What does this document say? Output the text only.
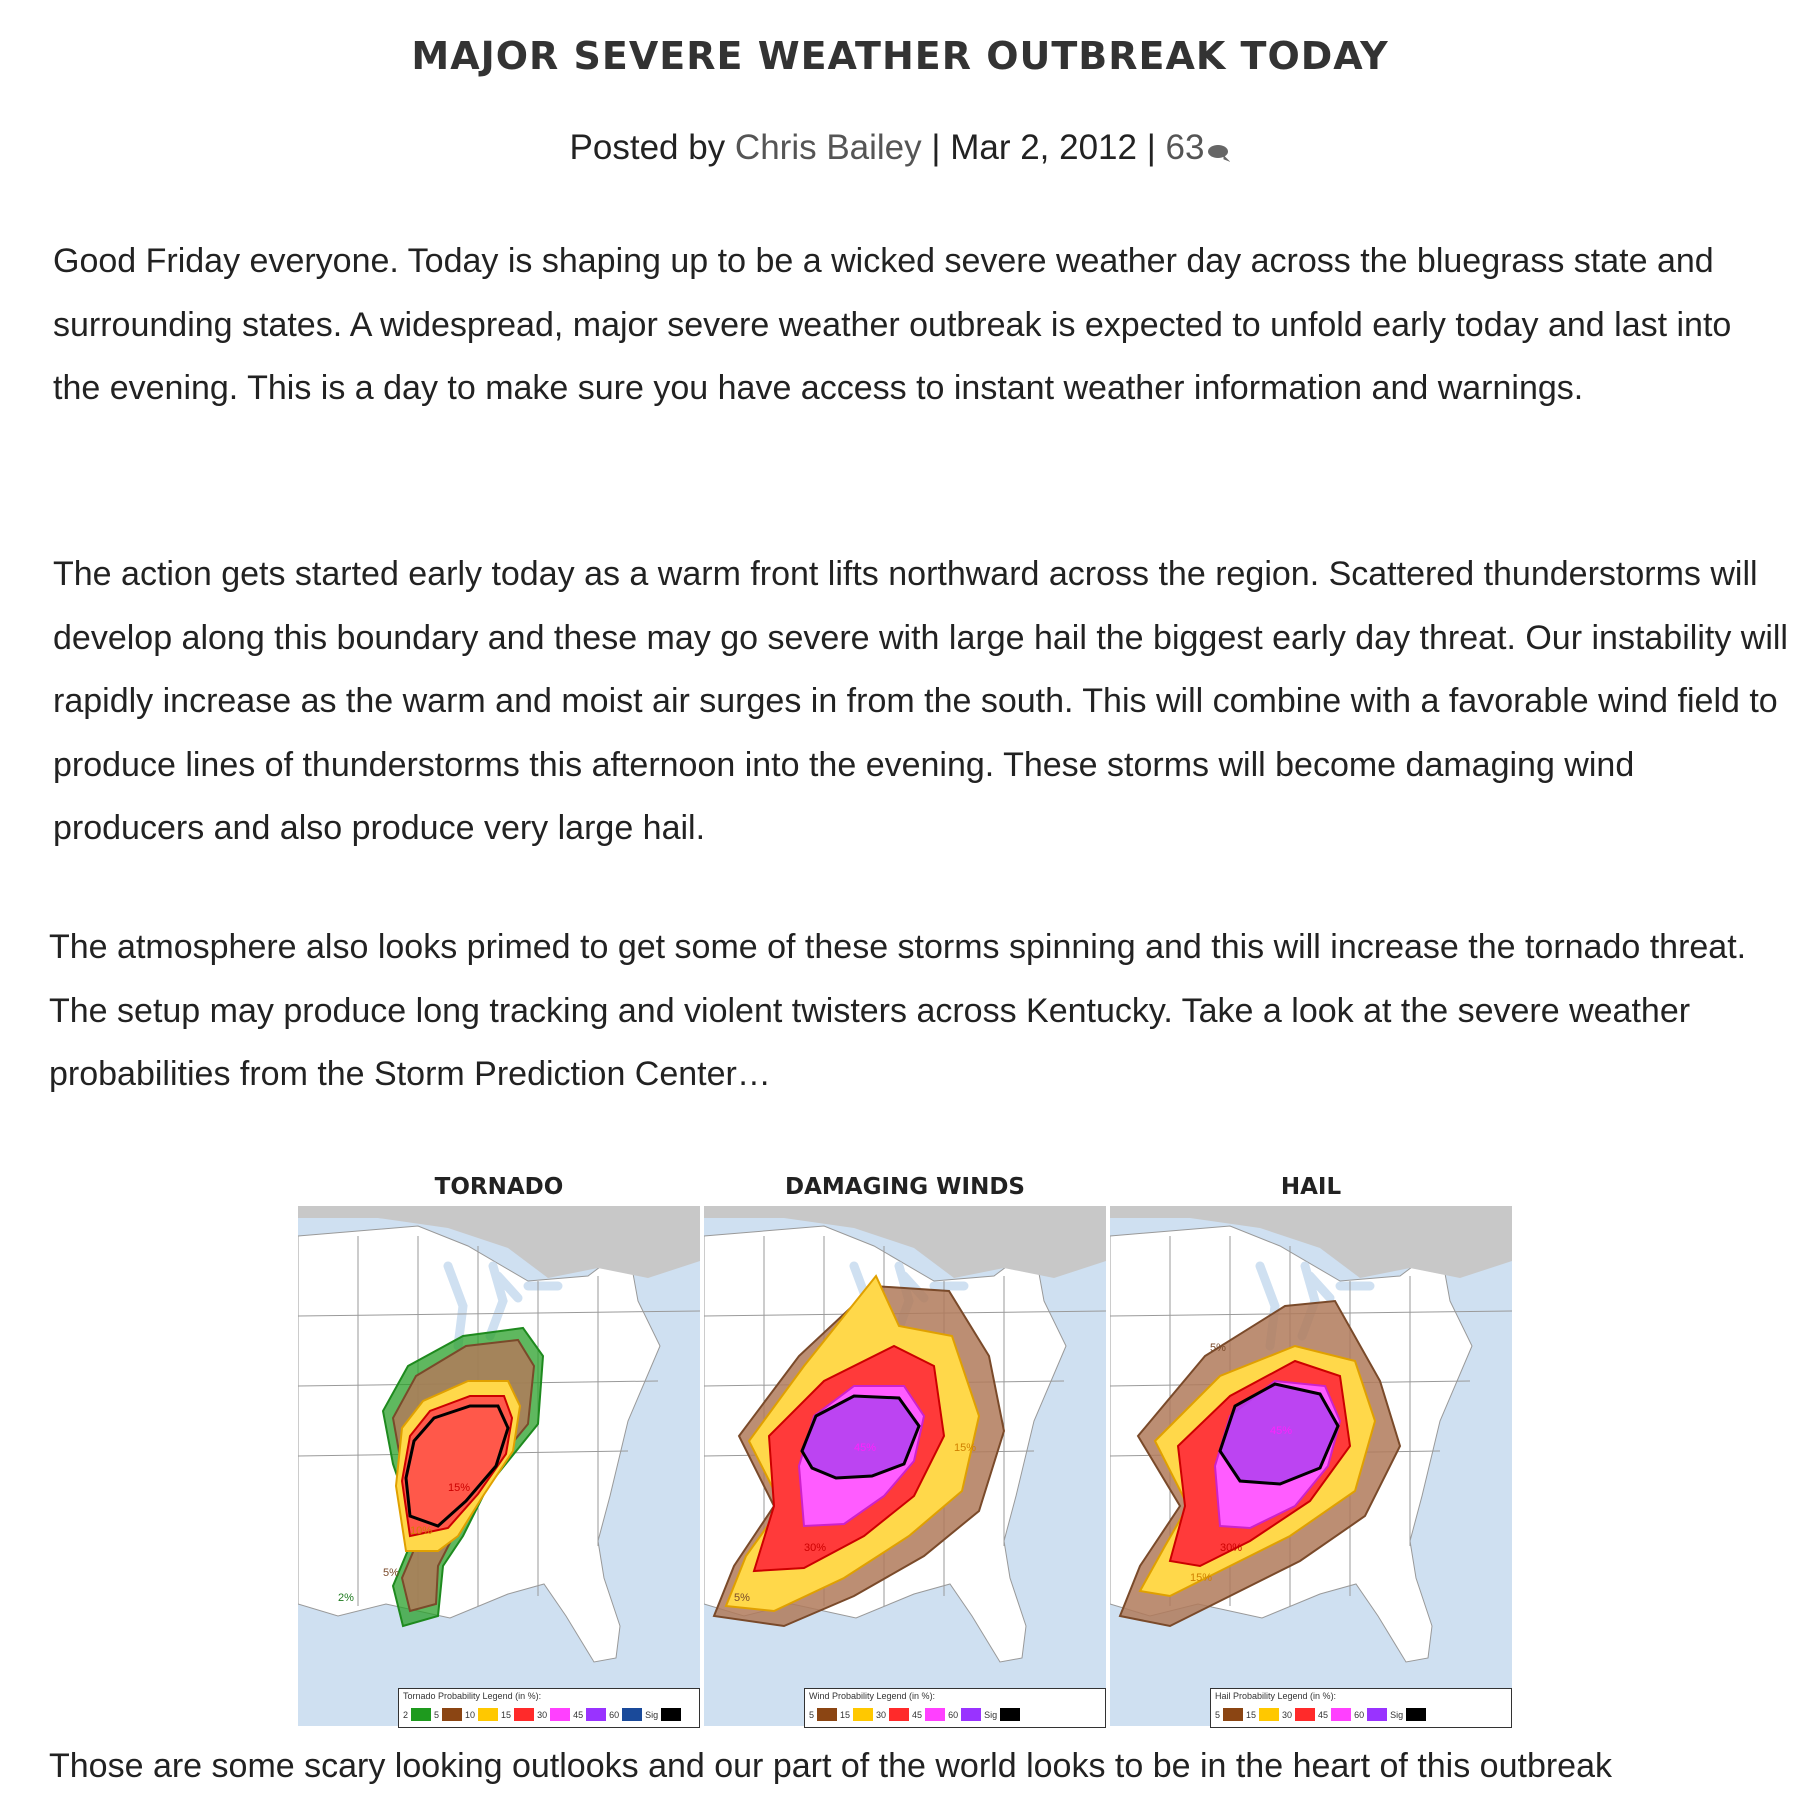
MAJOR SEVERE WEATHER OUTBREAK TODAY
Posted by Chris Bailey | Mar 2, 2012 | 63

Good Friday everyone. Today is shaping up to be a wicked severe weather day across the bluegrass state and surrounding states. A widespread, major severe weather outbreak is expected to unfold early today and last into the evening. This is a day to make sure you have access to instant weather information and warnings.

The action gets started early today as a warm front lifts northward across the region. Scattered thunderstorms will develop along this boundary and these may go severe with large hail the biggest early day threat. Our instability will rapidly increase as the warm and moist air surges in from the south. This will combine with a favorable wind field to produce lines of thunderstorms this afternoon into the evening. These storms will become damaging wind producers and also produce very large hail.

The atmosphere also looks primed to get some of these storms spinning and this will increase the tornado threat. The setup may produce long tracking and violent twisters across Kentucky. Take a look at the severe weather probabilities from the Storm Prediction Center…

TORNADO
15%
10%
5%
2%
Tornado Probability Legend (in %):
2	5	10	15	30	45	60	Sig
DAMAGING WINDS
45%
30%
15%
5%
Wind Probability Legend (in %):
5	15	30	45	60	Sig
HAIL
45%
30%
15%
5%
Hail Probability Legend (in %):
5	15	30	45	60	Sig

Those are some scary looking outlooks and our part of the world looks to be in the heart of this outbreak
